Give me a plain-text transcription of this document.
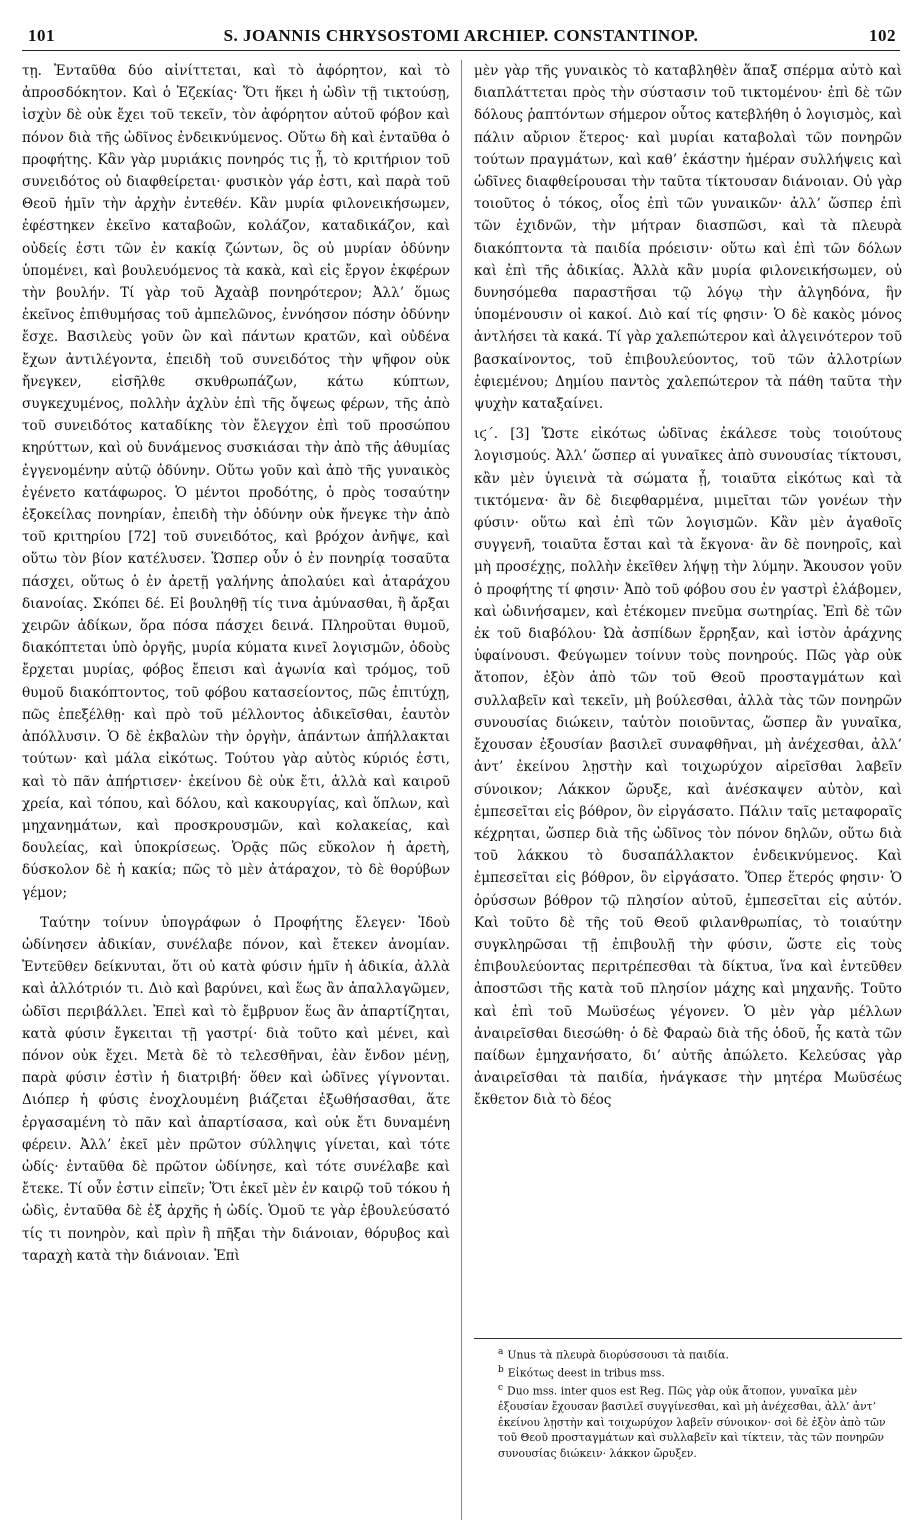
101	S. JOANNIS CHRYSOSTOMI ARCHIEP. CONSTANTINOP.	102

τῃ. Ἐνταῦθα δύο αἰνίττεται, καὶ τὸ ἀφόρητον, καὶ τὸ ἀπροσδόκητον. Καὶ ὁ Ἐζεκίας· Ὅτι ἥκει ἡ ὠδὶν τῇ τικτούσῃ, ἰσχὺν δὲ οὐκ ἔχει τοῦ τεκεῖν, τὸν ἀφόρητον αὐτοῦ φόβον καὶ πόνον διὰ τῆς ὠδῖνος ἐνδεικνύμενος. Οὕτω δὴ καὶ ἐνταῦθα ὁ προφήτης. Κἂν γὰρ μυριάκις πονηρός τις ᾖ, τὸ κριτήριον τοῦ συνειδότος οὐ διαφθείρεται· φυσικὸν γάρ ἐστι, καὶ παρὰ τοῦ Θεοῦ ἡμῖν τὴν ἀρχὴν ἐντεθέν. Κἂν μυρία φιλονεικήσωμεν, ἐφέστηκεν ἐκεῖνο καταβοῶν, κολάζον, καταδικάζον, καὶ οὐδείς ἐστι τῶν ἐν κακίᾳ ζώντων, ὃς οὐ μυρίαν ὀδύνην ὑπομένει, καὶ βουλευόμενος τὰ κακὰ, καὶ εἰς ἔργον ἐκφέρων τὴν βουλήν. Τί γὰρ τοῦ Ἀχαὰβ πονηρότερον; Ἀλλ’ ὅμως ἐκεῖνος ἐπιθυμήσας τοῦ ἀμπελῶνος, ἐννόησον πόσην ὀδύνην ἔσχε. Βασιλεὺς γοῦν ὢν καὶ πάντων κρατῶν, καὶ οὐδένα ἔχων ἀντιλέγοντα, ἐπειδὴ τοῦ συνειδότος τὴν ψῆφον οὐκ ἤνεγκεν, εἰσῆλθε σκυθρωπάζων, κάτω κύπτων, συγκεχυμένος, πολλὴν ἀχλὺν ἐπὶ τῆς ὄψεως φέρων, τῆς ἀπὸ τοῦ συνειδότος καταδίκης τὸν ἔλεγχον ἐπὶ τοῦ προσώπου κηρύττων, καὶ οὐ δυνάμενος συσκιάσαι τὴν ἀπὸ τῆς ἀθυμίας ἐγγενομένην αὐτῷ ὀδύνην. Οὕτω γοῦν καὶ ἀπὸ τῆς γυναικὸς ἐγένετο κατάφωρος. Ὁ μέντοι προδότης, ὁ πρὸς τοσαύτην ἐξοκείλας πονηρίαν, ἐπειδὴ τὴν ὀδύνην οὐκ ἤνεγκε τὴν ἀπὸ τοῦ κριτηρίου [72] τοῦ συνειδότος, καὶ βρόχον ἀνῆψε, καὶ οὕτω τὸν βίον κατέλυσεν. Ὥσπερ οὖν ὁ ἐν πονηρίᾳ τοσαῦτα πάσχει, οὕτως ὁ ἐν ἀρετῇ γαλήνης ἀπολαύει καὶ ἀταράχου διανοίας. Σκόπει δέ. Εἰ βουληθῇ τίς τινα ἀμύνασθαι, ἢ ἄρξαι χειρῶν ἀδίκων, ὅρα πόσα πάσχει δεινά. Πληροῦται θυμοῦ, διακόπτεται ὑπὸ ὀργῆς, μυρία κύματα κινεῖ λογισμῶν, ὀδοὺς ἔρχεται μυρίας, φόβος ἔπεισι καὶ ἀγωνία καὶ τρόμος, τοῦ θυμοῦ διακόπτοντος, τοῦ φόβου κατασείοντος, πῶς ἐπιτύχῃ, πῶς ἐπεξέλθῃ· καὶ πρὸ τοῦ μέλλοντος ἀδικεῖσθαι, ἑαυτὸν ἀπόλλυσιν. Ὁ δὲ ἐκβαλὼν τὴν ὀργὴν, ἁπάντων ἀπήλλακται τούτων· καὶ μάλα εἰκότως. Τούτου γὰρ αὐτὸς κύριός ἐστι, καὶ τὸ πᾶν ἀπήρτισεν· ἐκείνου δὲ οὐκ ἔτι, ἀλλὰ καὶ καιροῦ χρεία, καὶ τόπου, καὶ δόλου, καὶ κακουργίας, καὶ ὅπλων, καὶ μηχανημάτων, καὶ προσκρουσμῶν, καὶ κολακείας, καὶ δουλείας, καὶ ὑποκρίσεως. Ὁρᾷς πῶς εὔκολον ἡ ἀρετὴ, δύσκολον δὲ ἡ κακία; πῶς τὸ μὲν ἀτάραχον, τὸ δὲ θορύβων γέμον;

Ταύτην τοίνυν ὑπογράφων ὁ Προφήτης ἔλεγεν· Ἰδοὺ ὠδίνησεν ἀδικίαν, συνέλαβε πόνον, καὶ ἔτεκεν ἀνομίαν. Ἐντεῦθεν δείκνυται, ὅτι οὐ κατὰ φύσιν ἡμῖν ἡ ἀδικία, ἀλλὰ καὶ ἀλλότριόν τι. Διὸ καὶ βαρύνει, καὶ ἕως ἂν ἀπαλλαγῶμεν, ὠδῖσι περιβάλλει. Ἐπεὶ καὶ τὸ ἔμβρυον ἕως ἂν ἀπαρτίζηται, κατὰ φύσιν ἔγκειται τῇ γαστρί· διὰ τοῦτο καὶ μένει, καὶ πόνον οὐκ ἔχει. Μετὰ δὲ τὸ τελεσθῆναι, ἐὰν ἔνδον μένῃ, παρὰ φύσιν ἐστὶν ἡ διατριβή· ὅθεν καὶ ὠδῖνες γίγνονται. Διόπερ ἡ φύσις ἐνοχλουμένη βιάζεται ἐξωθήσασθαι, ἅτε ἐργασαμένη τὸ πᾶν καὶ ἀπαρτίσασα, καὶ οὐκ ἔτι δυναμένη φέρειν. Ἀλλ’ ἐκεῖ μὲν πρῶτον σύλληψις γίνεται, καὶ τότε ὠδίς· ἐνταῦθα δὲ πρῶτον ὠδίνησε, καὶ τότε συνέλαβε καὶ ἔτεκε. Τί οὖν ἐστιν εἰπεῖν; Ὅτι ἐκεῖ μὲν ἐν καιρῷ τοῦ τόκου ἡ ὠδὶς, ἐνταῦθα δὲ ἐξ ἀρχῆς ἡ ὠδίς. Ὁμοῦ τε γὰρ ἐβουλεύσατό τίς τι πονηρὸν, καὶ πρὶν ἢ πῆξαι τὴν διάνοιαν, θόρυβος καὶ ταραχὴ κατὰ τὴν διάνοιαν. Ἐπὶ

μὲν γὰρ τῆς γυναικὸς τὸ καταβληθὲν ἅπαξ σπέρμα αὐτὸ καὶ διαπλάττεται πρὸς τὴν σύστασιν τοῦ τικτομένου· ἐπὶ δὲ τῶν δόλους ῥαπτόντων σήμερον οὗτος κατεβλήθη ὁ λογισμὸς, καὶ πάλιν αὔριον ἕτερος· καὶ μυρίαι καταβολαὶ τῶν πονηρῶν τούτων πραγμάτων, καὶ καθ’ ἑκάστην ἡμέραν συλλήψεις καὶ ὠδῖνες διαφθείρουσαι τὴν ταῦτα τίκτουσαν διάνοιαν. Οὐ γὰρ τοιοῦτος ὁ τόκος, οἷος ἐπὶ τῶν γυναικῶν· ἀλλ’ ὥσπερ ἐπὶ τῶν ἐχιδνῶν, τὴν μήτραν διασπῶσι, καὶ τὰ πλευρὰ διακόπτοντα τὰ παιδία πρόεισιν· οὕτω καὶ ἐπὶ τῶν δόλων καὶ ἐπὶ τῆς ἀδικίας. Ἀλλὰ κἂν μυρία φιλονεικήσωμεν, οὐ δυνησόμεθα παραστῆσαι τῷ λόγῳ τὴν ἀλγηδόνα, ἣν ὑπομένουσιν οἱ κακοί. Διὸ καί τίς φησιν· Ὁ δὲ κακὸς μόνος ἀντλήσει τὰ κακά. Τί γὰρ χαλεπώτερον καὶ ἀλγεινότερον τοῦ βασκαίνοντος, τοῦ ἐπιβουλεύοντος, τοῦ τῶν ἀλλοτρίων ἐφιεμένου; Δημίου παντὸς χαλεπώτερον τὰ πάθη ταῦτα τὴν ψυχὴν καταξαίνει.

ιϛ΄. [3] Ὥστε εἰκότως ὠδῖνας ἐκάλεσε τοὺς τοιούτους λογισμούς. Ἀλλ’ ὥσπερ αἱ γυναῖκες ἀπὸ συνουσίας τίκτουσι, κἂν μὲν ὑγιεινὰ τὰ σώματα ᾖ, τοιαῦτα εἰκότως καὶ τὰ τικτόμενα· ἂν δὲ διεφθαρμένα, μιμεῖται τῶν γονέων τὴν φύσιν· οὕτω καὶ ἐπὶ τῶν λογισμῶν. Κἂν μὲν ἀγαθοῖς συγγενῆ, τοιαῦτα ἔσται καὶ τὰ ἔκγονα· ἂν δὲ πονηροῖς, καὶ μὴ προσέχῃς, πολλὴν ἐκεῖθεν λήψῃ τὴν λύμην. Ἄκουσον γοῦν ὁ προφήτης τί φησιν· Ἀπὸ τοῦ φόβου σου ἐν γαστρὶ ἐλάβομεν, καὶ ὠδινήσαμεν, καὶ ἐτέκομεν πνεῦμα σωτηρίας. Ἐπὶ δὲ τῶν ἐκ τοῦ διαβόλου· Ὠὰ ἀσπίδων ἔρρηξαν, καὶ ἱστὸν ἀράχνης ὑφαίνουσι. Φεύγωμεν τοίνυν τοὺς πονηρούς. Πῶς γὰρ οὐκ ἄτοπον, ἐξὸν ἀπὸ τῶν τοῦ Θεοῦ προσταγμάτων καὶ συλλαβεῖν καὶ τεκεῖν, μὴ βούλεσθαι, ἀλλὰ τὰς τῶν πονηρῶν συνουσίας διώκειν, ταὐτὸν ποιοῦντας, ὥσπερ ἂν γυναῖκα, ἔχουσαν ἐξουσίαν βασιλεῖ συναφθῆναι, μὴ ἀνέχεσθαι, ἀλλ’ ἀντ’ ἐκείνου λῃστὴν καὶ τοιχωρύχον αἱρεῖσθαι λαβεῖν σύνοικον; Λάκκον ὤρυξε, καὶ ἀνέσκαψεν αὐτὸν, καὶ ἐμπεσεῖται εἰς βόθρον, ὃν εἰργάσατο. Πάλιν ταῖς μεταφοραῖς κέχρηται, ὥσπερ διὰ τῆς ὠδῖνος τὸν πόνον δηλῶν, οὕτω διὰ τοῦ λάκκου τὸ δυσαπάλλακτον ἐνδεικνύμενος. Καὶ ἐμπεσεῖται εἰς βόθρον, ὃν εἰργάσατο. Ὅπερ ἕτερός φησιν· Ὁ ὀρύσσων βόθρον τῷ πλησίον αὐτοῦ, ἐμπεσεῖται εἰς αὐτόν. Καὶ τοῦτο δὲ τῆς τοῦ Θεοῦ φιλανθρωπίας, τὸ τοιαύτην συγκληρῶσαι τῇ ἐπιβουλῇ τὴν φύσιν, ὥστε εἰς τοὺς ἐπιβουλεύοντας περιτρέπεσθαι τὰ δίκτυα, ἵνα καὶ ἐντεῦθεν ἀποστῶσι τῆς κατὰ τοῦ πλησίον μάχης καὶ μηχανῆς. Τοῦτο καὶ ἐπὶ τοῦ Μωϋσέως γέγονεν. Ὁ μὲν γὰρ μέλλων ἀναιρεῖσθαι διεσώθη· ὁ δὲ Φαραὼ διὰ τῆς ὁδοῦ, ἧς κατὰ τῶν παίδων ἐμηχανήσατο, δι’ αὐτῆς ἀπώλετο. Κελεύσας γὰρ ἀναιρεῖσθαι τὰ παιδία, ἠνάγκασε τὴν μητέρα Μωϋσέως ἔκθετον διὰ τὸ δέος

$^a$ Unus τὰ πλευρὰ διορύσσουσι τὰ παιδία.

$^b$ Εἰκότως deest in tribus mss.

$^c$ Duo mss. inter quos est Reg. Πῶς γὰρ οὐκ ἄτοπον, γυναῖκα μὲν ἐξουσίαν ἔχουσαν βασιλεῖ συγγίνεσθαι, καὶ μὴ ἀνέχεσθαι, ἀλλ’ ἀντ’ ἐκείνου λῃστὴν καὶ τοιχωρύχον λαβεῖν σύνοικον· σοὶ δὲ ἐξὸν ἀπὸ τῶν τοῦ Θεοῦ προσταγμάτων καὶ συλλαβεῖν καὶ τίκτειν, τὰς τῶν πονηρῶν συνουσίας διώκειν· λάκκον ὤρυξεν.
